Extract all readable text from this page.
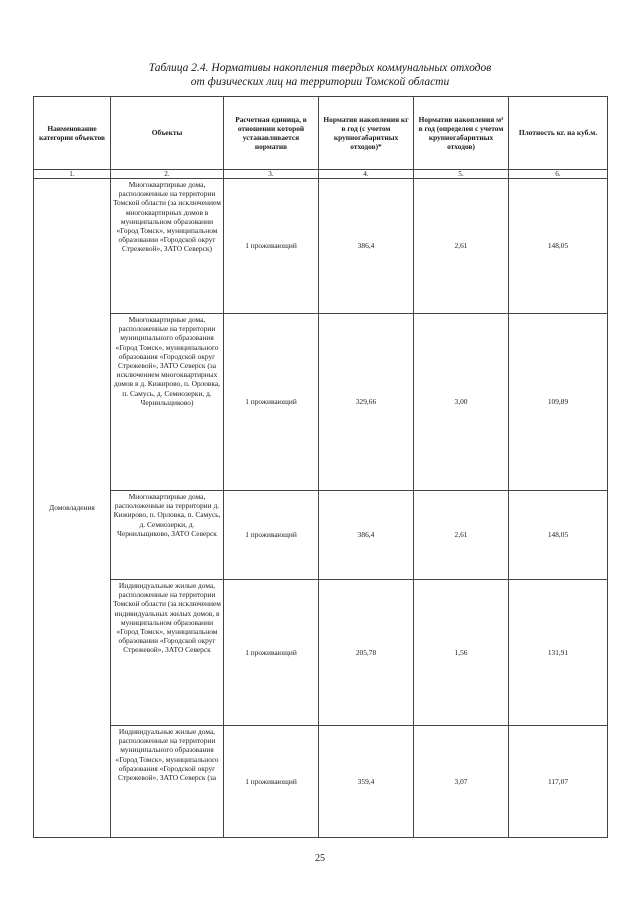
Таблица 2.4. Нормативы накопления твердых коммунальных отходов
от физических лиц на территории Томской области
Наименование категории объектов	Объекты	Расчетная единица, в отношении которой устанавливается норматив	Норматив накопления кг в год (с учетом крупногабаритных отходов)*	Норматив накопления м³ в год (определен с учетом крупногабаритных отходов)	Плотность кг. на куб.м.
1.	2.	3.	4.	5.	6.
Домовладения	Многоквартирные дома, расположенные на территории Томской области (за исключением многоквартирных домов в муниципальном образовании «Город Томск», муниципальном образовании «Городской округ Стрежевой», ЗАТО Северск)	1 проживающий	386,4	2,61	148,05
	Многоквартирные дома, расположенные на территории муниципального образования «Город Томск», муниципального образования «Городской округ Стрежевой», ЗАТО Северск (за исключением многоквартирных домов в д. Кижирово, п. Орловка, п. Самусь, д. Семиозерки, д. Чернильщиково)	1 проживающий	329,66	3,00	109,89
	Многоквартирные дома, расположенные на территории д. Кижирово, п. Орловка, п. Самусь, д. Семиозерки, д. Чернильщиково, ЗАТО Северск	1 проживающий	386,4	2,61	148,05
	Индивидуальные жилые дома, расположенные на территории Томской области (за исключением индивидуальных жилых домов, в муниципальном образовании «Город Томск», муниципальном образовании «Городской округ Стрежевой», ЗАТО Северск	1 проживающий	205,78	1,56	131,91
	Индивидуальные жилые дома, расположенные на территории муниципального образования «Город Томск», муниципального образования «Городской округ Стрежевой», ЗАТО Северск (за	1 проживающий	359,4	3,07	117,07
25
